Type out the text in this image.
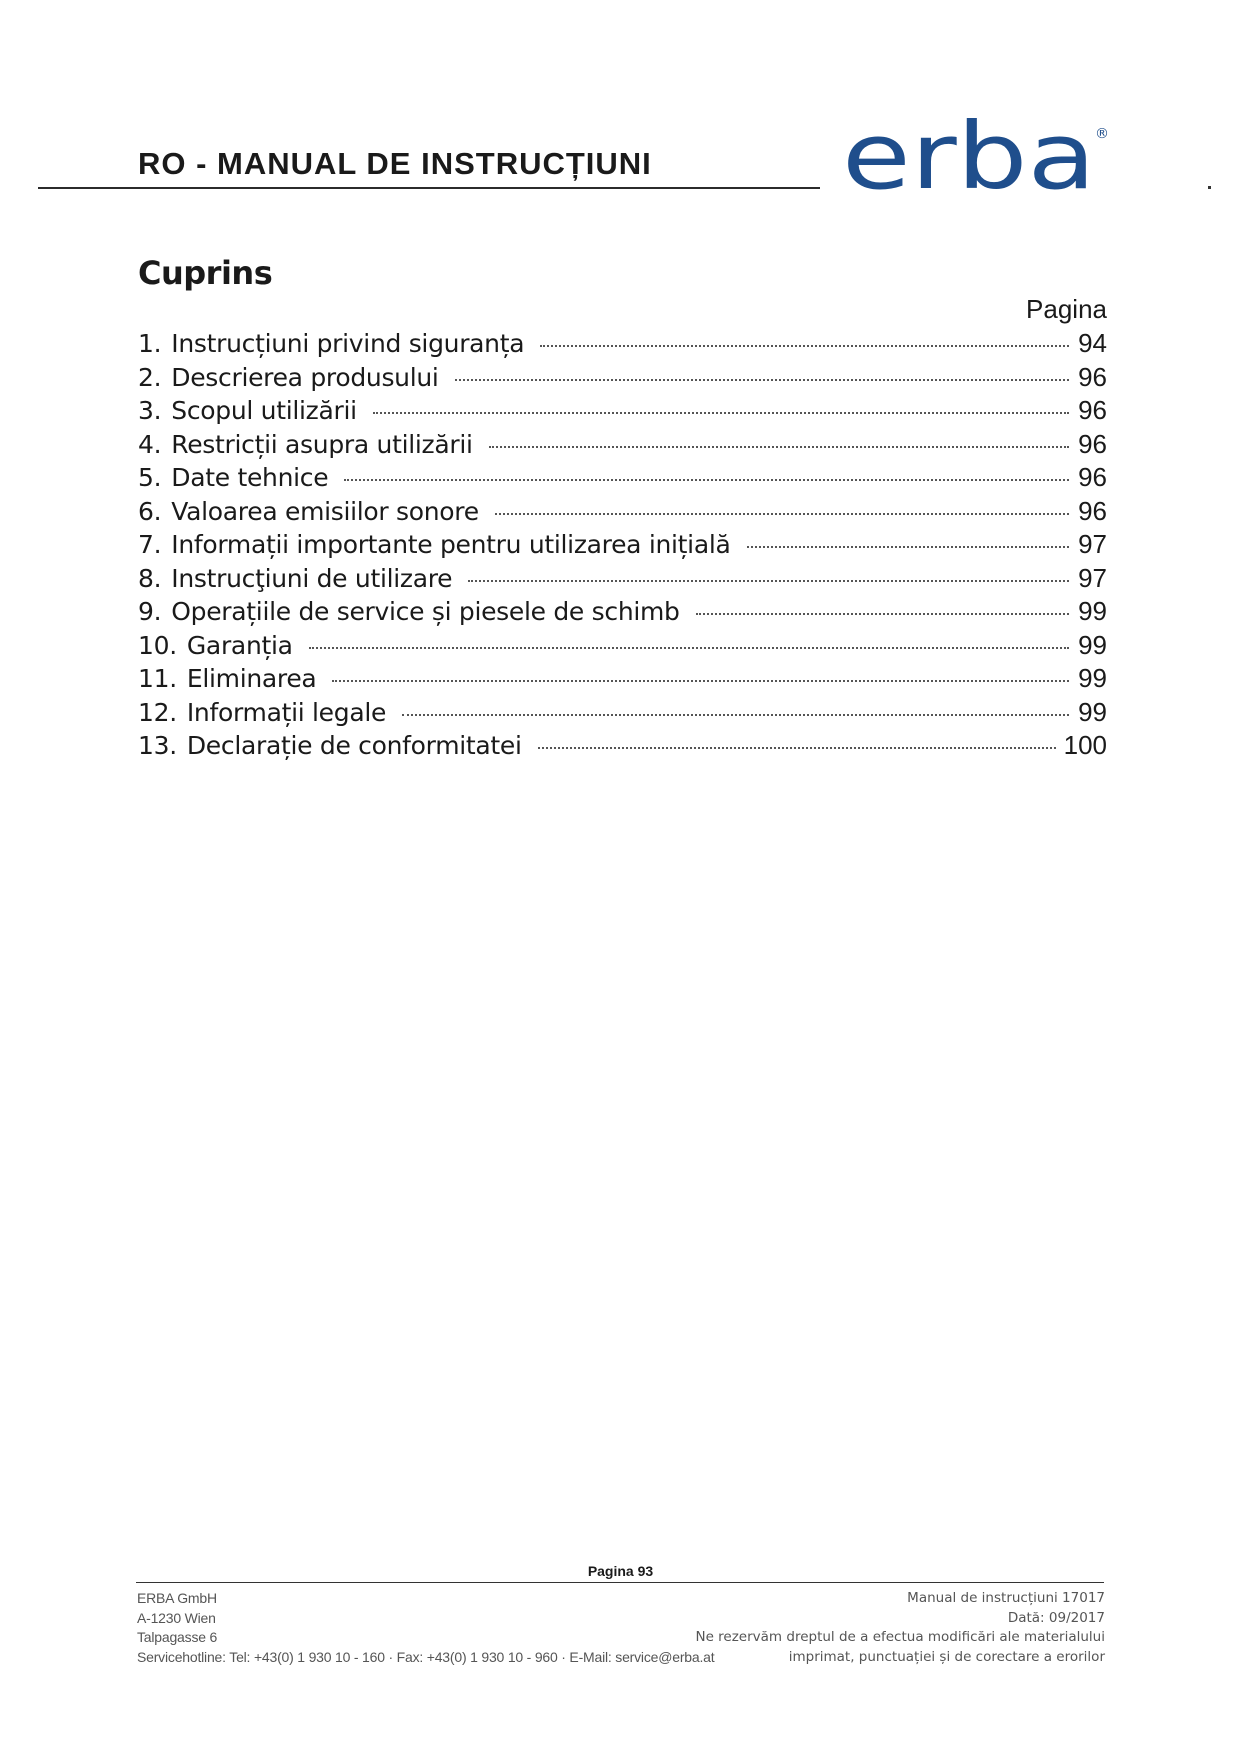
RO - MANUAL DE INSTRUCȚIUNI erba ®
Cuprins
Pagina
1. Instrucțiuni privind siguranța	94
2. Descrierea produsului	96
3. Scopul utilizării	96
4. Restricții asupra utilizării	96
5. Date tehnice	96
6. Valoarea emisiilor sonore	96
7. Informații importante pentru utilizarea inițială	97
8. Instrucţiuni de utilizare	97
9. Operațiile de service și piesele de schimb	99
10. Garanția	99
11. Eliminarea	99
12. Informații legale	99
13. Declarație de conformitatei	100
Pagina 93
ERBA GmbH
A-1230 Wien
Talpagasse 6
Servicehotline: Tel: +43(0) 1 930 10 - 160 · Fax: +43(0) 1 930 10 - 960 · E-Mail: service@erba.at
Manual de instrucțiuni 17017
Dată: 09/2017
Ne rezervăm dreptul de a efectua modificări ale materialului
imprimat, punctuației și de corectare a erorilor
